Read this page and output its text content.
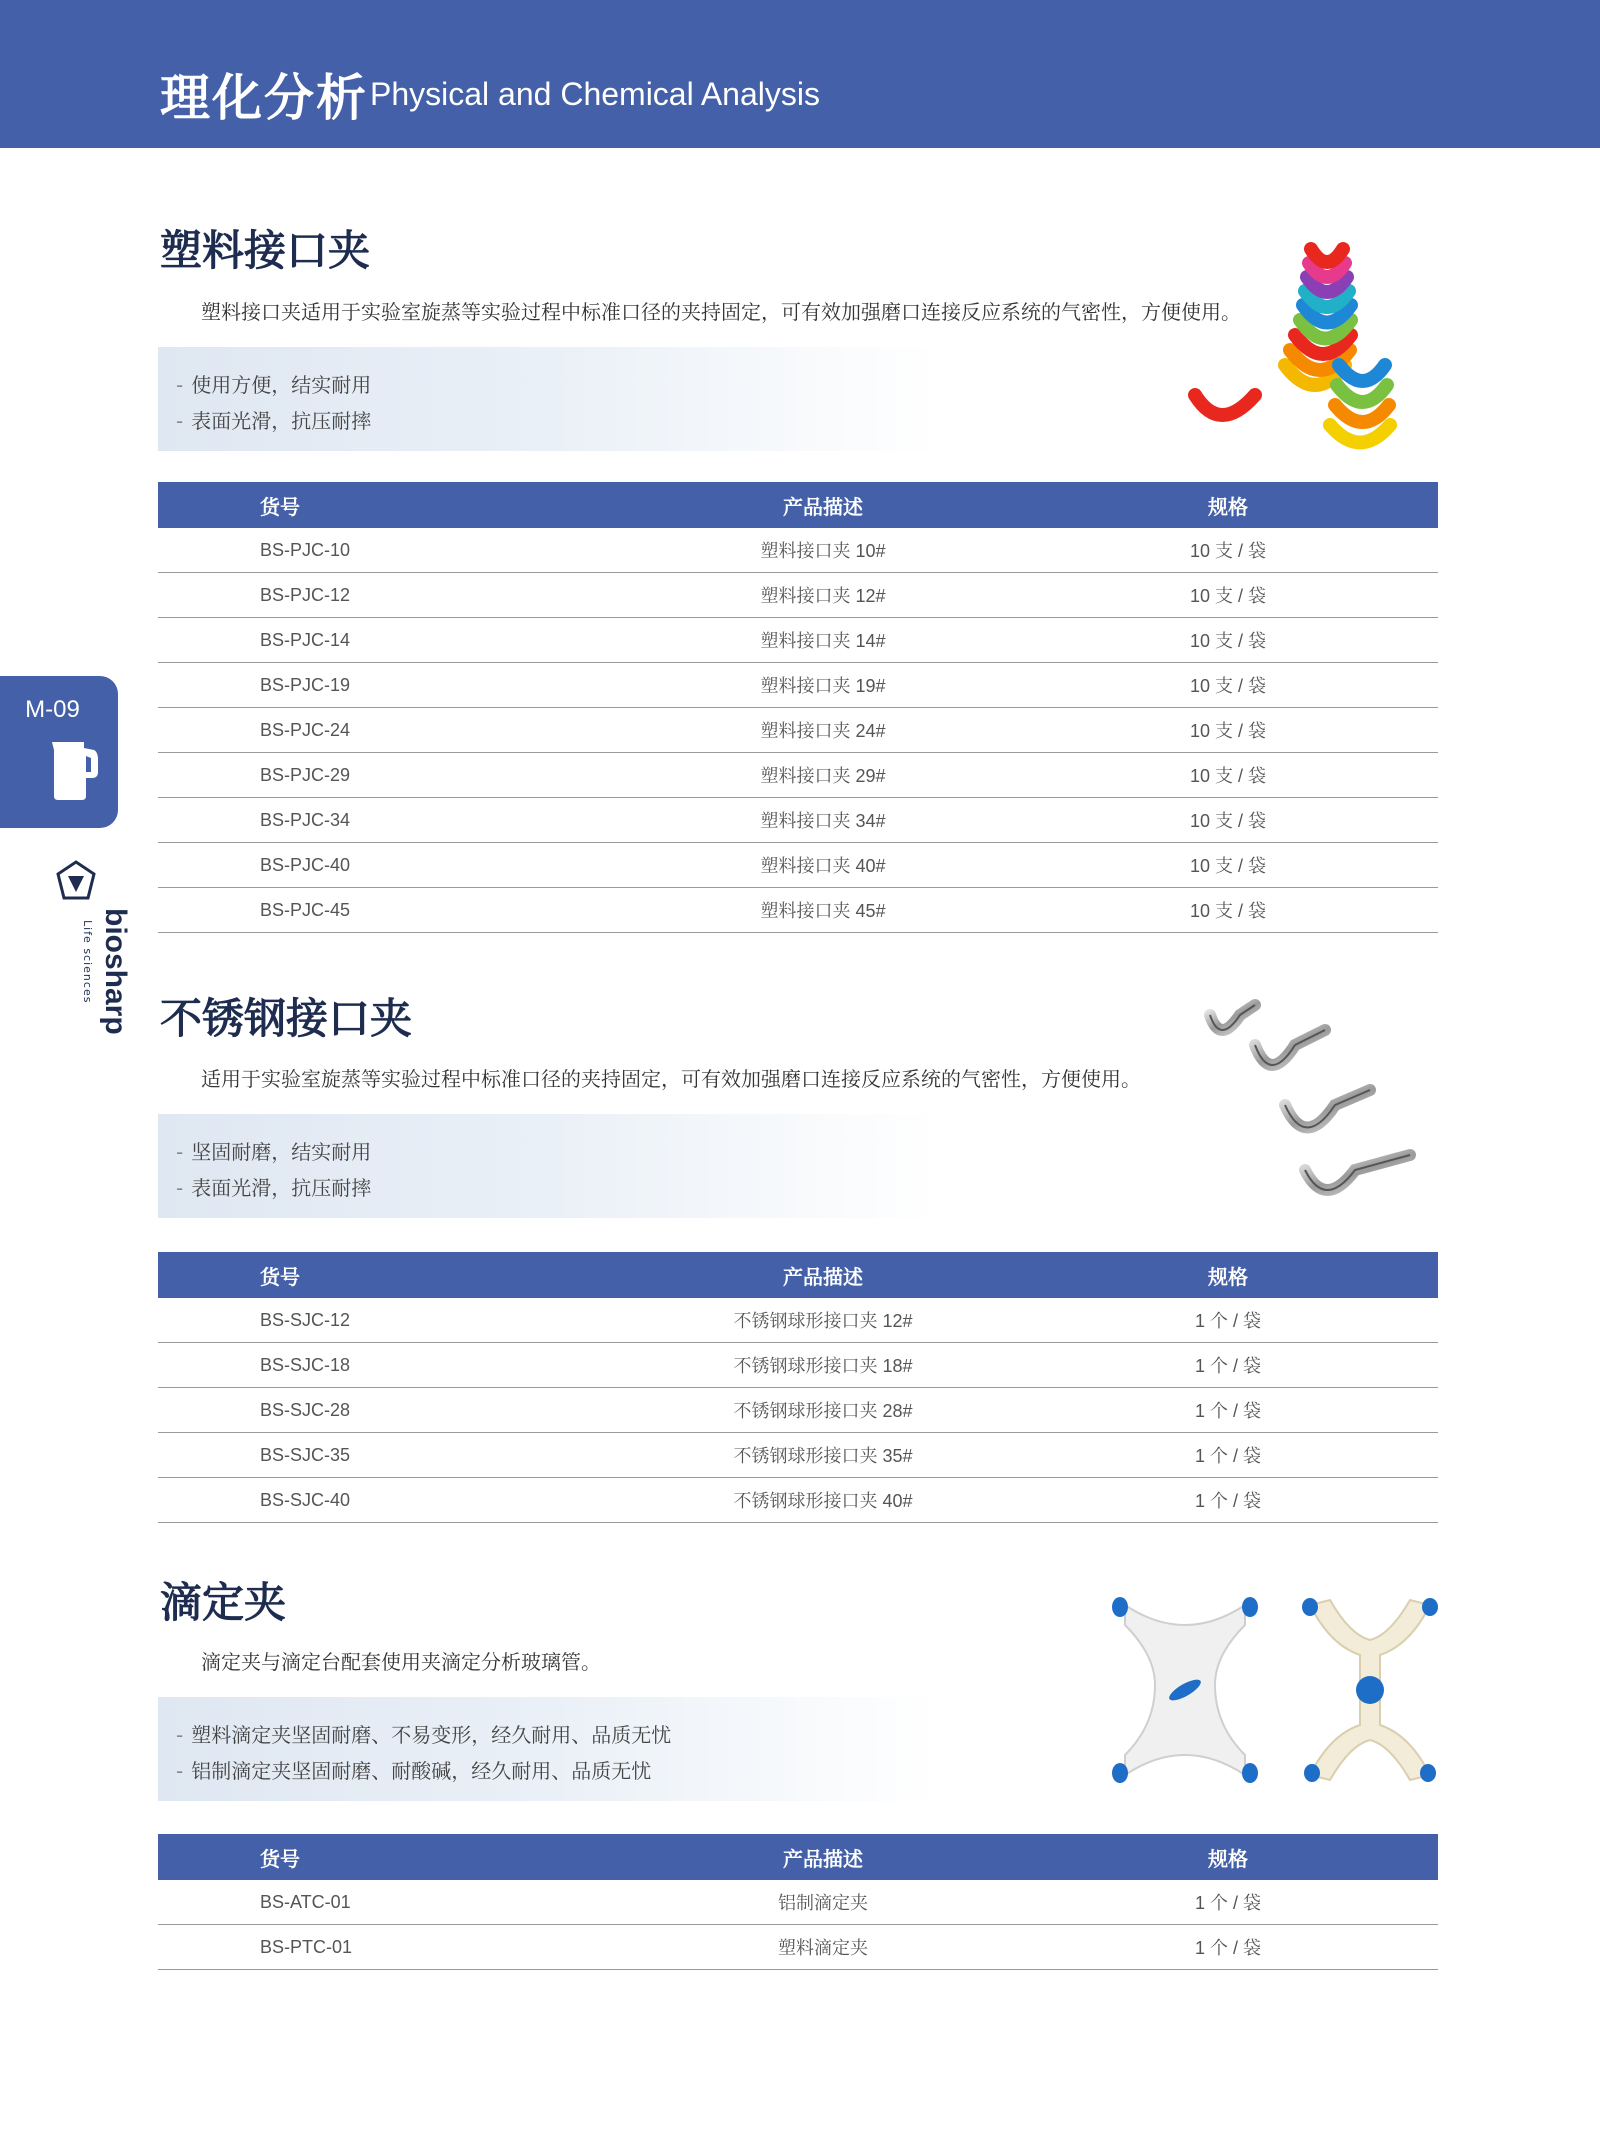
理化分析 Physical and Chemical Analysis
M-09
biosharp
Life sciences
塑料接口夹
塑料接口夹适用于实验室旋蒸等实验过程中标准口径的夹持固定，可有效加强磨口连接反应系统的气密性，方便使用。
- 使用方便，结实耐用
- 表面光滑，抗压耐摔
货号	产品描述	规格
BS-PJC-10	塑料接口夹 10#	10 支 / 袋
BS-PJC-12	塑料接口夹 12#	10 支 / 袋
BS-PJC-14	塑料接口夹 14#	10 支 / 袋
BS-PJC-19	塑料接口夹 19#	10 支 / 袋
BS-PJC-24	塑料接口夹 24#	10 支 / 袋
BS-PJC-29	塑料接口夹 29#	10 支 / 袋
BS-PJC-34	塑料接口夹 34#	10 支 / 袋
BS-PJC-40	塑料接口夹 40#	10 支 / 袋
BS-PJC-45	塑料接口夹 45#	10 支 / 袋
不锈钢接口夹
适用于实验室旋蒸等实验过程中标准口径的夹持固定，可有效加强磨口连接反应系统的气密性，方便使用。
- 坚固耐磨，结实耐用
- 表面光滑，抗压耐摔
货号	产品描述	规格
BS-SJC-12	不锈钢球形接口夹 12#	1 个 / 袋
BS-SJC-18	不锈钢球形接口夹 18#	1 个 / 袋
BS-SJC-28	不锈钢球形接口夹 28#	1 个 / 袋
BS-SJC-35	不锈钢球形接口夹 35#	1 个 / 袋
BS-SJC-40	不锈钢球形接口夹 40#	1 个 / 袋
滴定夹
滴定夹与滴定台配套使用夹滴定分析玻璃管。
- 塑料滴定夹坚固耐磨、不易变形，经久耐用、品质无忧
- 铝制滴定夹坚固耐磨、耐酸碱，经久耐用、品质无忧
货号	产品描述	规格
BS-ATC-01	铝制滴定夹	1 个 / 袋
BS-PTC-01	塑料滴定夹	1 个 / 袋
